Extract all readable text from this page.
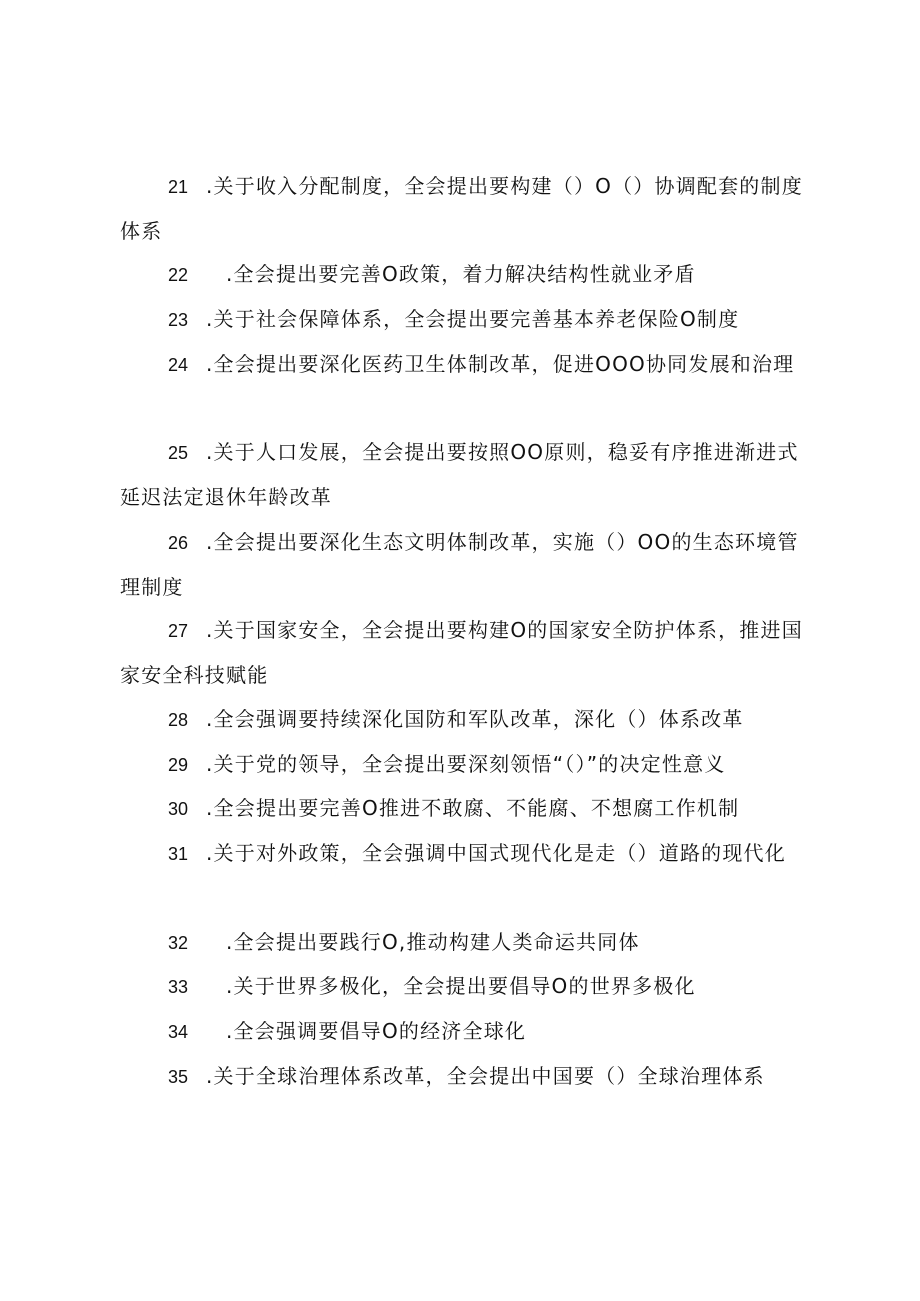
21 .关于收入分配制度，全会提出要构建（）O（）协调配套的制度体系
22 .全会提出要完善O政策，着力解决结构性就业矛盾
23 .关于社会保障体系，全会提出要完善基本养老保险O制度
24 .全会提出要深化医药卫生体制改革，促进OOO协同发展和治理
25 .关于人口发展，全会提出要按照OO原则，稳妥有序推进渐进式延迟法定退休年龄改革
26 .全会提出要深化生态文明体制改革，实施（）OO的生态环境管理制度
27 .关于国家安全，全会提出要构建O的国家安全防护体系，推进国家安全科技赋能
28 .全会强调要持续深化国防和军队改革，深化（）体系改革
29 .关于党的领导，全会提出要深刻领悟“（）”的决定性意义
30 .全会提出要完善O推进不敢腐、不能腐、不想腐工作机制
31 .关于对外政策，全会强调中国式现代化是走（）道路的现代化
32 .全会提出要践行O,推动构建人类命运共同体
33 .关于世界多极化，全会提出要倡导O的世界多极化
34 .全会强调要倡导O的经济全球化
35 .关于全球治理体系改革，全会提出中国要（）全球治理体系
